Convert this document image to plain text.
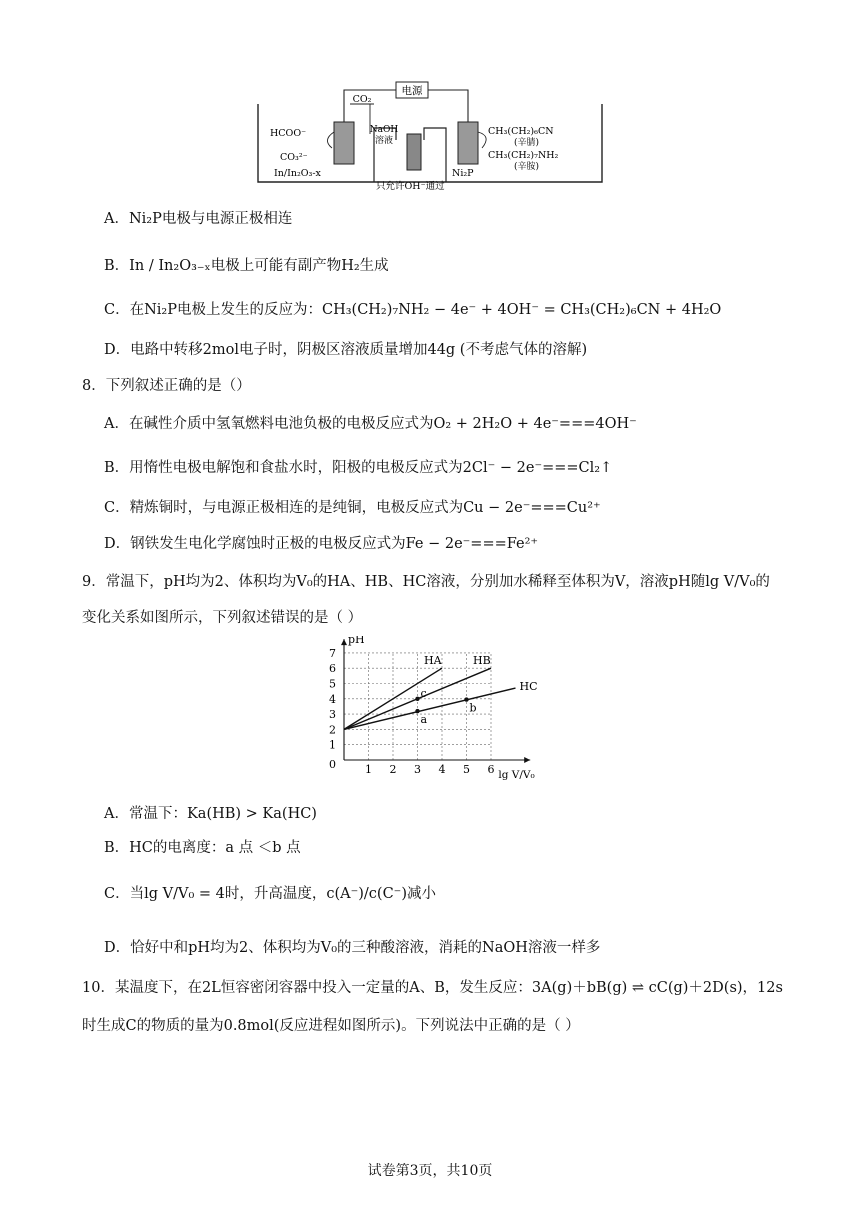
电源
CO₂
NaOH
溶液
HCOO⁻
CO₃²⁻
In/In₂O₃-x
CH₃(CH₂)₆CN
(辛腈)
CH₃(CH₂)₇NH₂
(辛胺)
Ni₂P
只允许OH⁻通过
A．Ni₂P电极与电源正极相连
B．In / In₂O₃₋ₓ电极上可能有副产物H₂生成
C．在Ni₂P电极上发生的反应为：CH₃(CH₂)₇NH₂ − 4e⁻ + 4OH⁻ = CH₃(CH₂)₆CN + 4H₂O
D．电路中转移2mol电子时，阴极区溶液质量增加44g (不考虑气体的溶解)
8．下列叙述正确的是（）
A．在碱性介质中氢氧燃料电池负极的电极反应式为O₂ + 2H₂O + 4e⁻===4OH⁻
B．用惰性电极电解饱和食盐水时，阳极的电极反应式为2Cl⁻ − 2e⁻===Cl₂↑
C．精炼铜时，与电源正极相连的是纯铜，电极反应式为Cu − 2e⁻===Cu²⁺
D．钢铁发生电化学腐蚀时正极的电极反应式为Fe − 2e⁻===Fe²⁺
9．常温下，pH均为2、体积均为V₀的HA、HB、HC溶液，分别加水稀释至体积为V，溶液pH随lg V/V₀的
变化关系如图所示，下列叙述错误的是（ ）
1
2
3
4
5
6
7
1 2 3 4 5 6
0
pH
lg V/V₀
HA	HB
HC
c
a
b
A．常温下：Ka(HB) > Ka(HC)
B．HC的电离度：a 点 ＜b 点
C．当lg V/V₀ = 4时，升高温度，c(A⁻)/c(C⁻)减小
D．恰好中和pH均为2、体积均为V₀的三种酸溶液，消耗的NaOH溶液一样多
10．某温度下，在2L恒容密闭容器中投入一定量的A、B，发生反应：3A(g)＋bB(g) ⇌ cC(g)＋2D(s)，12s
时生成C的物质的量为0.8mol(反应进程如图所示)。下列说法中正确的是（ ）
试卷第3页，共10页
